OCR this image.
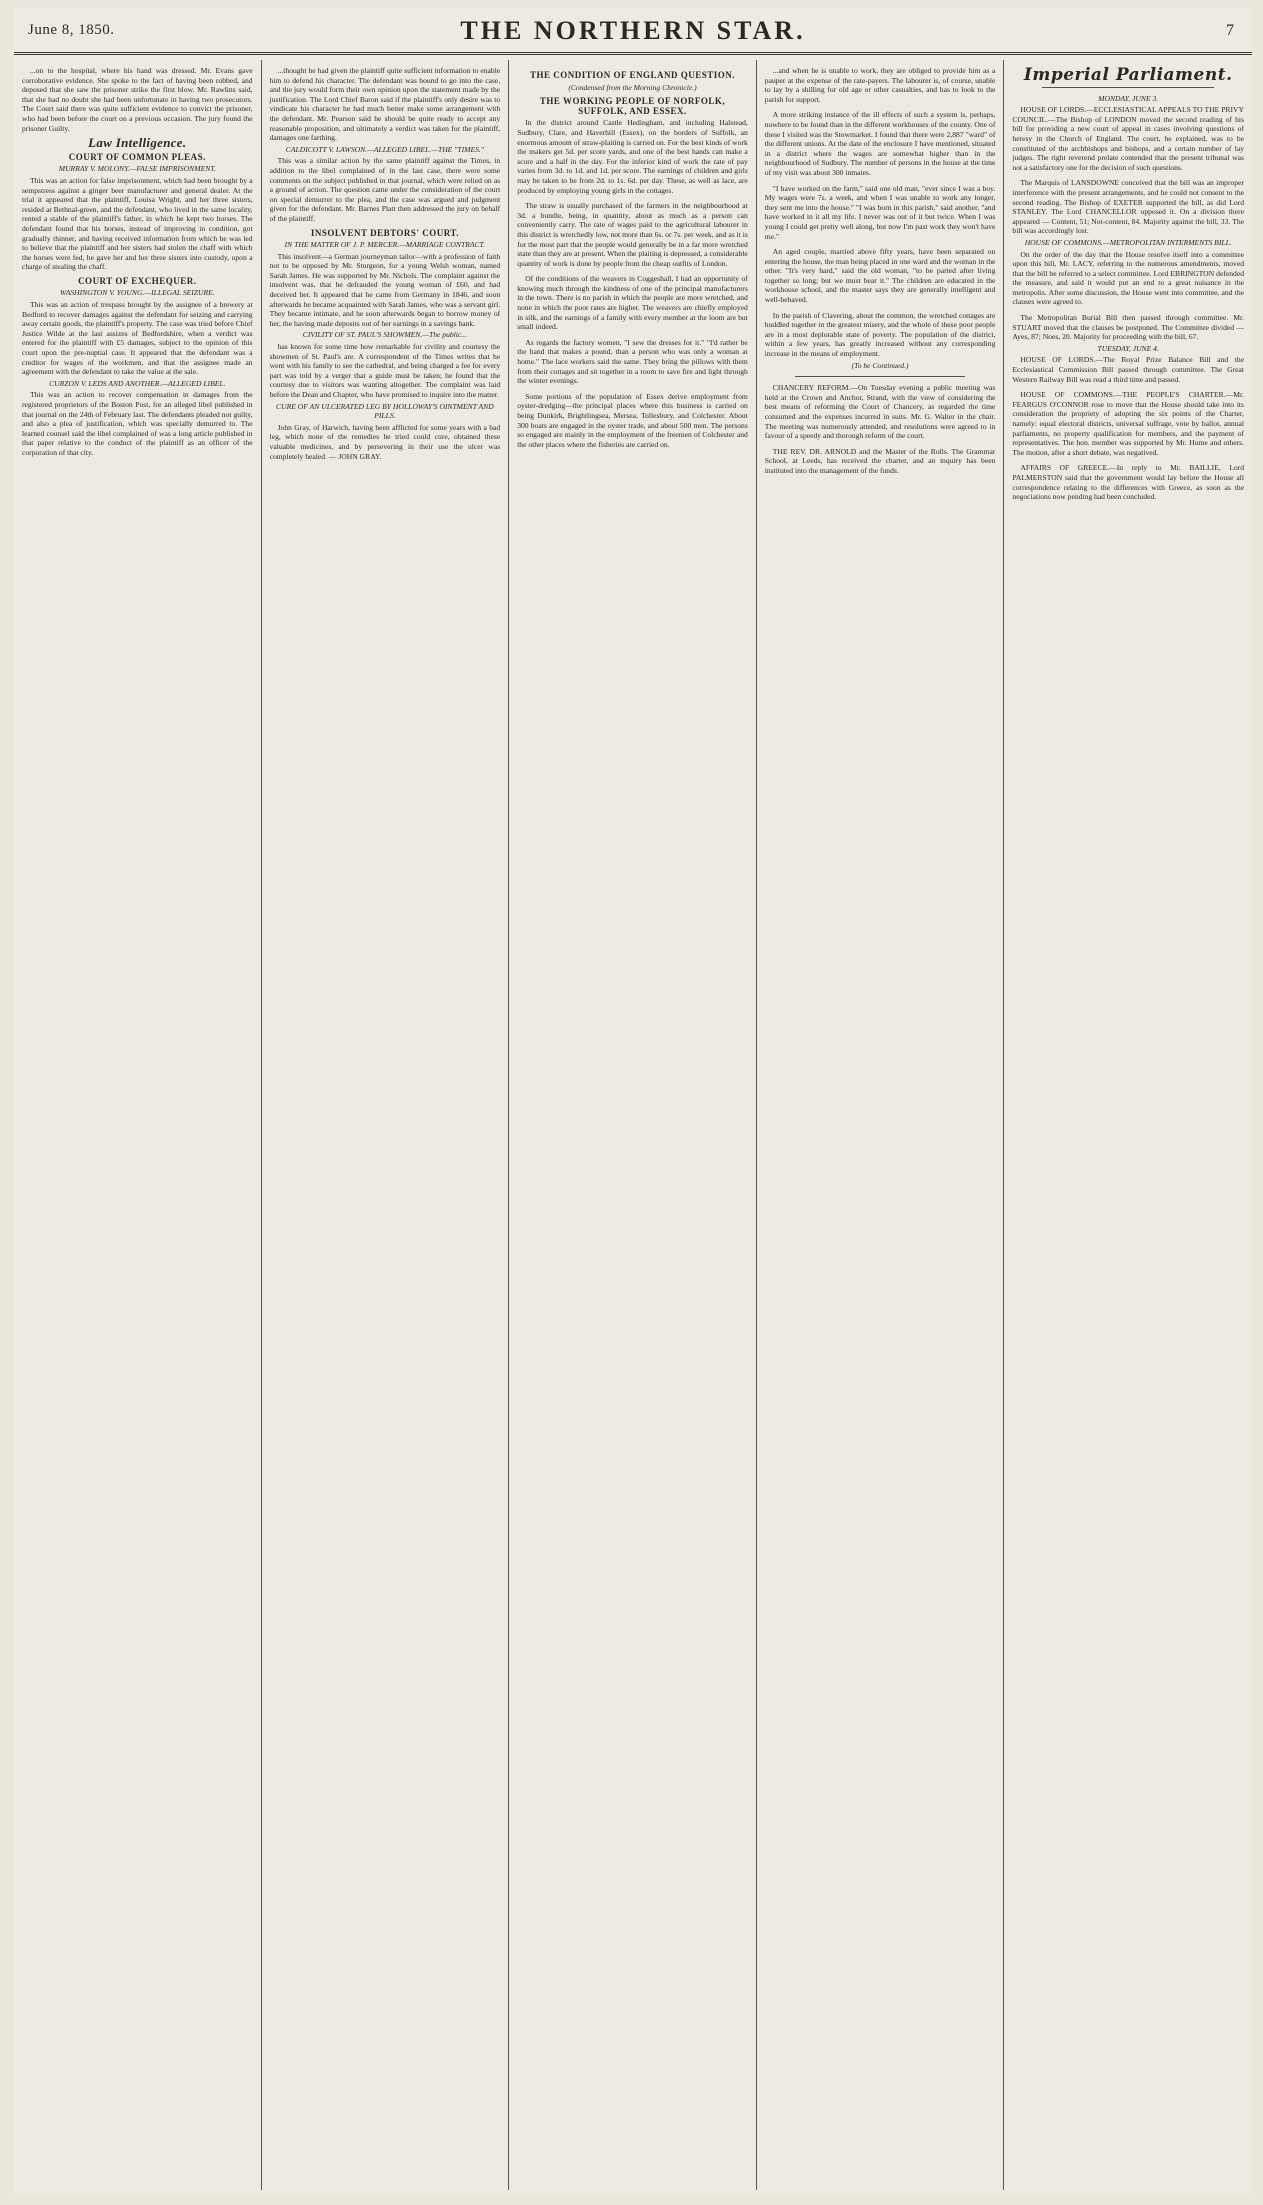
June 8, 1850.	THE NORTHERN STAR.	7

...on to the hospital, where his hand was dressed. Mr. Evans gave corroborative evidence. She spoke to the fact of having been robbed, and deposed that she saw the prisoner strike the first blow. Mr. Rawlins said, that she had no doubt she had been unfortunate in having two prosecutors. The Court said there was quite sufficient evidence to convict the prisoner, who had been before the court on a previous occasion. The jury found the prisoner Guilty.

Law Intelligence.
COURT OF COMMON PLEAS.
MURRAY V. MOLONY.—FALSE IMPRISONMENT.

This was an action for false imprisonment, which had been brought by a sempstress against a ginger beer manufacturer and general dealer. At the trial it appeared that the plaintiff, Louisa Wright, and her three sisters, resided at Bethnal-green, and the defendant, who lived in the same locality, rented a stable of the plaintiff's father, in which he kept two horses. The defendant found that his horses, instead of improving in condition, got gradually thinner, and having received information from which he was led to believe that the plaintiff and her sisters had stolen the chaff with which the horses were fed, he gave her and her three sisters into custody, upon a charge of stealing the chaff.

COURT OF EXCHEQUER.
WASHINGTON V. YOUNG.—ILLEGAL SEIZURE.

This was an action of trespass brought by the assignee of a brewery at Bedford to recover damages against the defendant for seizing and carrying away certain goods, the plaintiff's property. The case was tried before Chief Justice Wilde at the last assizes of Bedfordshire, when a verdict was entered for the plaintiff with £5 damages, subject to the opinion of this court upon the pre-nuptial case. It appeared that the defendant was a creditor for wages of the workmen, and that the assignee made an agreement with the defendant to take the value at the sale.

CURZON V. LEDS AND ANOTHER.—ALLEGED LIBEL.

This was an action to recover compensation in damages from the registered proprietors of the Boston Post, for an alleged libel published in that journal on the 24th of February last. The defendants pleaded not guilty, and also a plea of justification, which was specially demurred to. The learned counsel said the libel complained of was a long article published in that paper relative to the conduct of the plaintiff as an officer of the corporation of that city.

...thought he had given the plaintiff quite sufficient information to enable him to defend his character. The defendant was bound to go into the case, and the jury would form their own opinion upon the statement made by the justification. The Lord Chief Baron said if the plaintiff's only desire was to vindicate his character he had much better make some arrangement with the defendant. Mr. Pearson said he should be quite ready to accept any reasonable proposition, and ultimately a verdict was taken for the plaintiff, damages one farthing.

CALDICOTT V. LAWSON.—ALLEGED LIBEL.—THE "TIMES."

This was a similar action by the same plaintiff against the Times, in addition to the libel complained of in the last case, there were some comments on the subject published in that journal, which were relied on as a ground of action. The question came under the consideration of the court on special demurrer to the plea, and the case was argued and judgment given for the defendant. Mr. Barnes Platt then addressed the jury on behalf of the plaintiff.

INSOLVENT DEBTORS' COURT.
IN THE MATTER OF J. P. MERCER.—MARRIAGE CONTRACT.

This insolvent—a German journeyman tailor—with a profession of faith not to be opposed by Mr. Sturgeon, for a young Welsh woman, named Sarah James. He was supported by Mr. Nichols. The complaint against the insolvent was, that he defrauded the young woman of £60, and had deceived her. It appeared that he came from Germany in 1846, and soon afterwards he became acquainted with Sarah James, who was a servant girl. They became intimate, and he soon afterwards began to borrow money of her, the having made deposits out of her earnings in a savings bank.

CIVILITY OF ST. PAUL'S SHOWMEN.—The public...

has known for some time how remarkable for civility and courtesy the showmen of St. Paul's are. A correspondent of the Times writes that he went with his family to see the cathedral, and being charged a fee for every part was told by a verger that a guide must be taken; he found that the courtesy due to visitors was wanting altogether. The complaint was laid before the Dean and Chapter, who have promised to inquire into the matter.

CURE OF AN ULCERATED LEG BY HOLLOWAY'S OINTMENT AND PILLS.

John Gray, of Harwich, having been afflicted for some years with a bad leg, which none of the remedies he tried could cure, obtained these valuable medicines, and by persevering in their use the ulcer was completely healed. — JOHN GRAY.

THE CONDITION OF ENGLAND QUESTION.
(Condensed from the Morning Chronicle.)
THE WORKING PEOPLE OF NORFOLK, SUFFOLK, AND ESSEX.

In the district around Castle Hedingham, and including Halstead, Sudbury, Clare, and Haverhill (Essex), on the borders of Suffolk, an enormous amount of straw-plaiting is carried on. For the best kinds of work the makers get 5d. per score yards, and one of the best hands can make a score and a half in the day. For the inferior kind of work the rate of pay varies from 3d. to 1d. and 1d. per score. The earnings of children and girls may be taken to be from 2d. to 1s. 6d. per day. These, as well as lace, are produced by employing young girls in the cottages.

The straw is usually purchased of the farmers in the neighbourhood at 3d. a bundle, being, in quantity, about as much as a person can conveniently carry. The rate of wages paid to the agricultural labourer in this district is wretchedly low, not more than 6s. or 7s. per week, and as it is for the most part that the people would generally be in a far more wretched state than they are at present. When the plaiting is depressed, a considerable quantity of work is done by people from the cheap outfits of London.

Of the conditions of the weavers in Coggeshall, I had an opportunity of knowing much through the kindness of one of the principal manufacturers in the town. There is no parish in which the people are more wretched, and none in which the poor rates are higher. The weavers are chiefly employed in silk, and the earnings of a family with every member at the loom are but small indeed.

As regards the factory women, "I sew the dresses for it." "I'd rather be the hand that makes a pound, than a person who was only a woman at home." The lace workers said the same. They bring the pillows with them from their cottages and sit together in a room to save fire and light through the winter evenings.

Some portions of the population of Essex derive employment from oyster-dredging—the principal places where this business is carried on being Dunkirk, Brightlingsea, Mersea, Tollesbury, and Colchester. About 300 boats are engaged in the oyster trade, and about 500 men. The persons so engaged are mainly in the employment of the freemen of Colchester and the other places where the fisheries are carried on.

...and when he is unable to work, they are obliged to provide him as a pauper at the expense of the rate-payers. The labourer is, of course, unable to lay by a shilling for old age or other casualties, and has to look to the parish for support.

A more striking instance of the ill effects of such a system is, perhaps, nowhere to be found than in the different workhouses of the county. One of these I visited was the Stowmarket. I found that there were 2,887 "ward" of the different unions. At the date of the enclosure I have mentioned, situated in a district where the wages are somewhat higher than in the neighbourhood of Sudbury. The number of persons in the house at the time of my visit was about 300 inmates.

"I have worked on the farm," said one old man, "ever since I was a boy. My wages were 7s. a week, and when I was unable to work any longer, they sent me into the house." "I was born in this parish," said another, "and have worked in it all my life. I never was out of it but twice. When I was young I could get pretty well along, but now I'm past work they won't have me."

An aged couple, married above fifty years, have been separated on entering the house, the man being placed in one ward and the woman in the other. "It's very hard," said the old woman, "to be parted after living together so long; but we must bear it." The children are educated in the workhouse school, and the master says they are generally intelligent and well-behaved.

In the parish of Clavering, about the common, the wretched cottages are huddled together in the greatest misery, and the whole of these poor people are in a most deplorable state of poverty. The population of the district, within a few years, has greatly increased without any corresponding increase in the means of employment.

(To be Continued.)

CHANCERY REFORM.—On Tuesday evening a public meeting was held at the Crown and Anchor, Strand, with the view of considering the best means of reforming the Court of Chancery, as regarded the time consumed and the expenses incurred in suits. Mr. G. Walter in the chair. The meeting was numerously attended, and resolutions were agreed to in favour of a speedy and thorough reform of the court.

THE REV. DR. ARNOLD and the Master of the Rolls. The Grammar School, at Leeds, has received the charter, and an inquiry has been instituted into the management of the funds.

Imperial Parliament.
MONDAY, JUNE 3.

HOUSE OF LORDS.—ECCLESIASTICAL APPEALS TO THE PRIVY COUNCIL.—The Bishop of LONDON moved the second reading of his bill for providing a new court of appeal in cases involving questions of heresy in the Church of England. The court, he explained, was to be constituted of the archbishops and bishops, and a certain number of lay judges. The right reverend prelate contended that the present tribunal was not a satisfactory one for the decision of such questions.

The Marquis of LANSDOWNE conceived that the bill was an improper interference with the present arrangements, and he could not consent to the second reading. The Bishop of EXETER supported the bill, as did Lord STANLEY. The Lord CHANCELLOR opposed it. On a division there appeared — Content, 51; Not-content, 84. Majority against the bill, 33. The bill was accordingly lost.

HOUSE OF COMMONS.—METROPOLITAN INTERMENTS BILL.

On the order of the day that the House resolve itself into a committee upon this bill, Mr. LACY, referring to the numerous amendments, moved that the bill be referred to a select committee. Lord EBRINGTON defended the measure, and said it would put an end to a great nuisance in the metropolis. After some discussion, the House went into committee, and the clauses were agreed to.

The Metropolitan Burial Bill then passed through committee. Mr. STUART moved that the clauses be postponed. The Committee divided — Ayes, 87; Noes, 20. Majority for proceeding with the bill, 67.

TUESDAY, JUNE 4.

HOUSE OF LORDS.—The Royal Prize Balance Bill and the Ecclesiastical Commission Bill passed through committee. The Great Western Railway Bill was read a third time and passed.

HOUSE OF COMMONS.—THE PEOPLE'S CHARTER.—Mr. FEARGUS O'CONNOR rose to move that the House should take into its consideration the propriety of adopting the six points of the Charter, namely: equal electoral districts, universal suffrage, vote by ballot, annual parliaments, no property qualification for members, and the payment of representatives. The hon. member was supported by Mr. Hume and others. The motion, after a short debate, was negatived.

AFFAIRS OF GREECE.—In reply to Mr. BAILLIE, Lord PALMERSTON said that the government would lay before the House all correspondence relating to the differences with Greece, as soon as the negociations now pending had been concluded.
